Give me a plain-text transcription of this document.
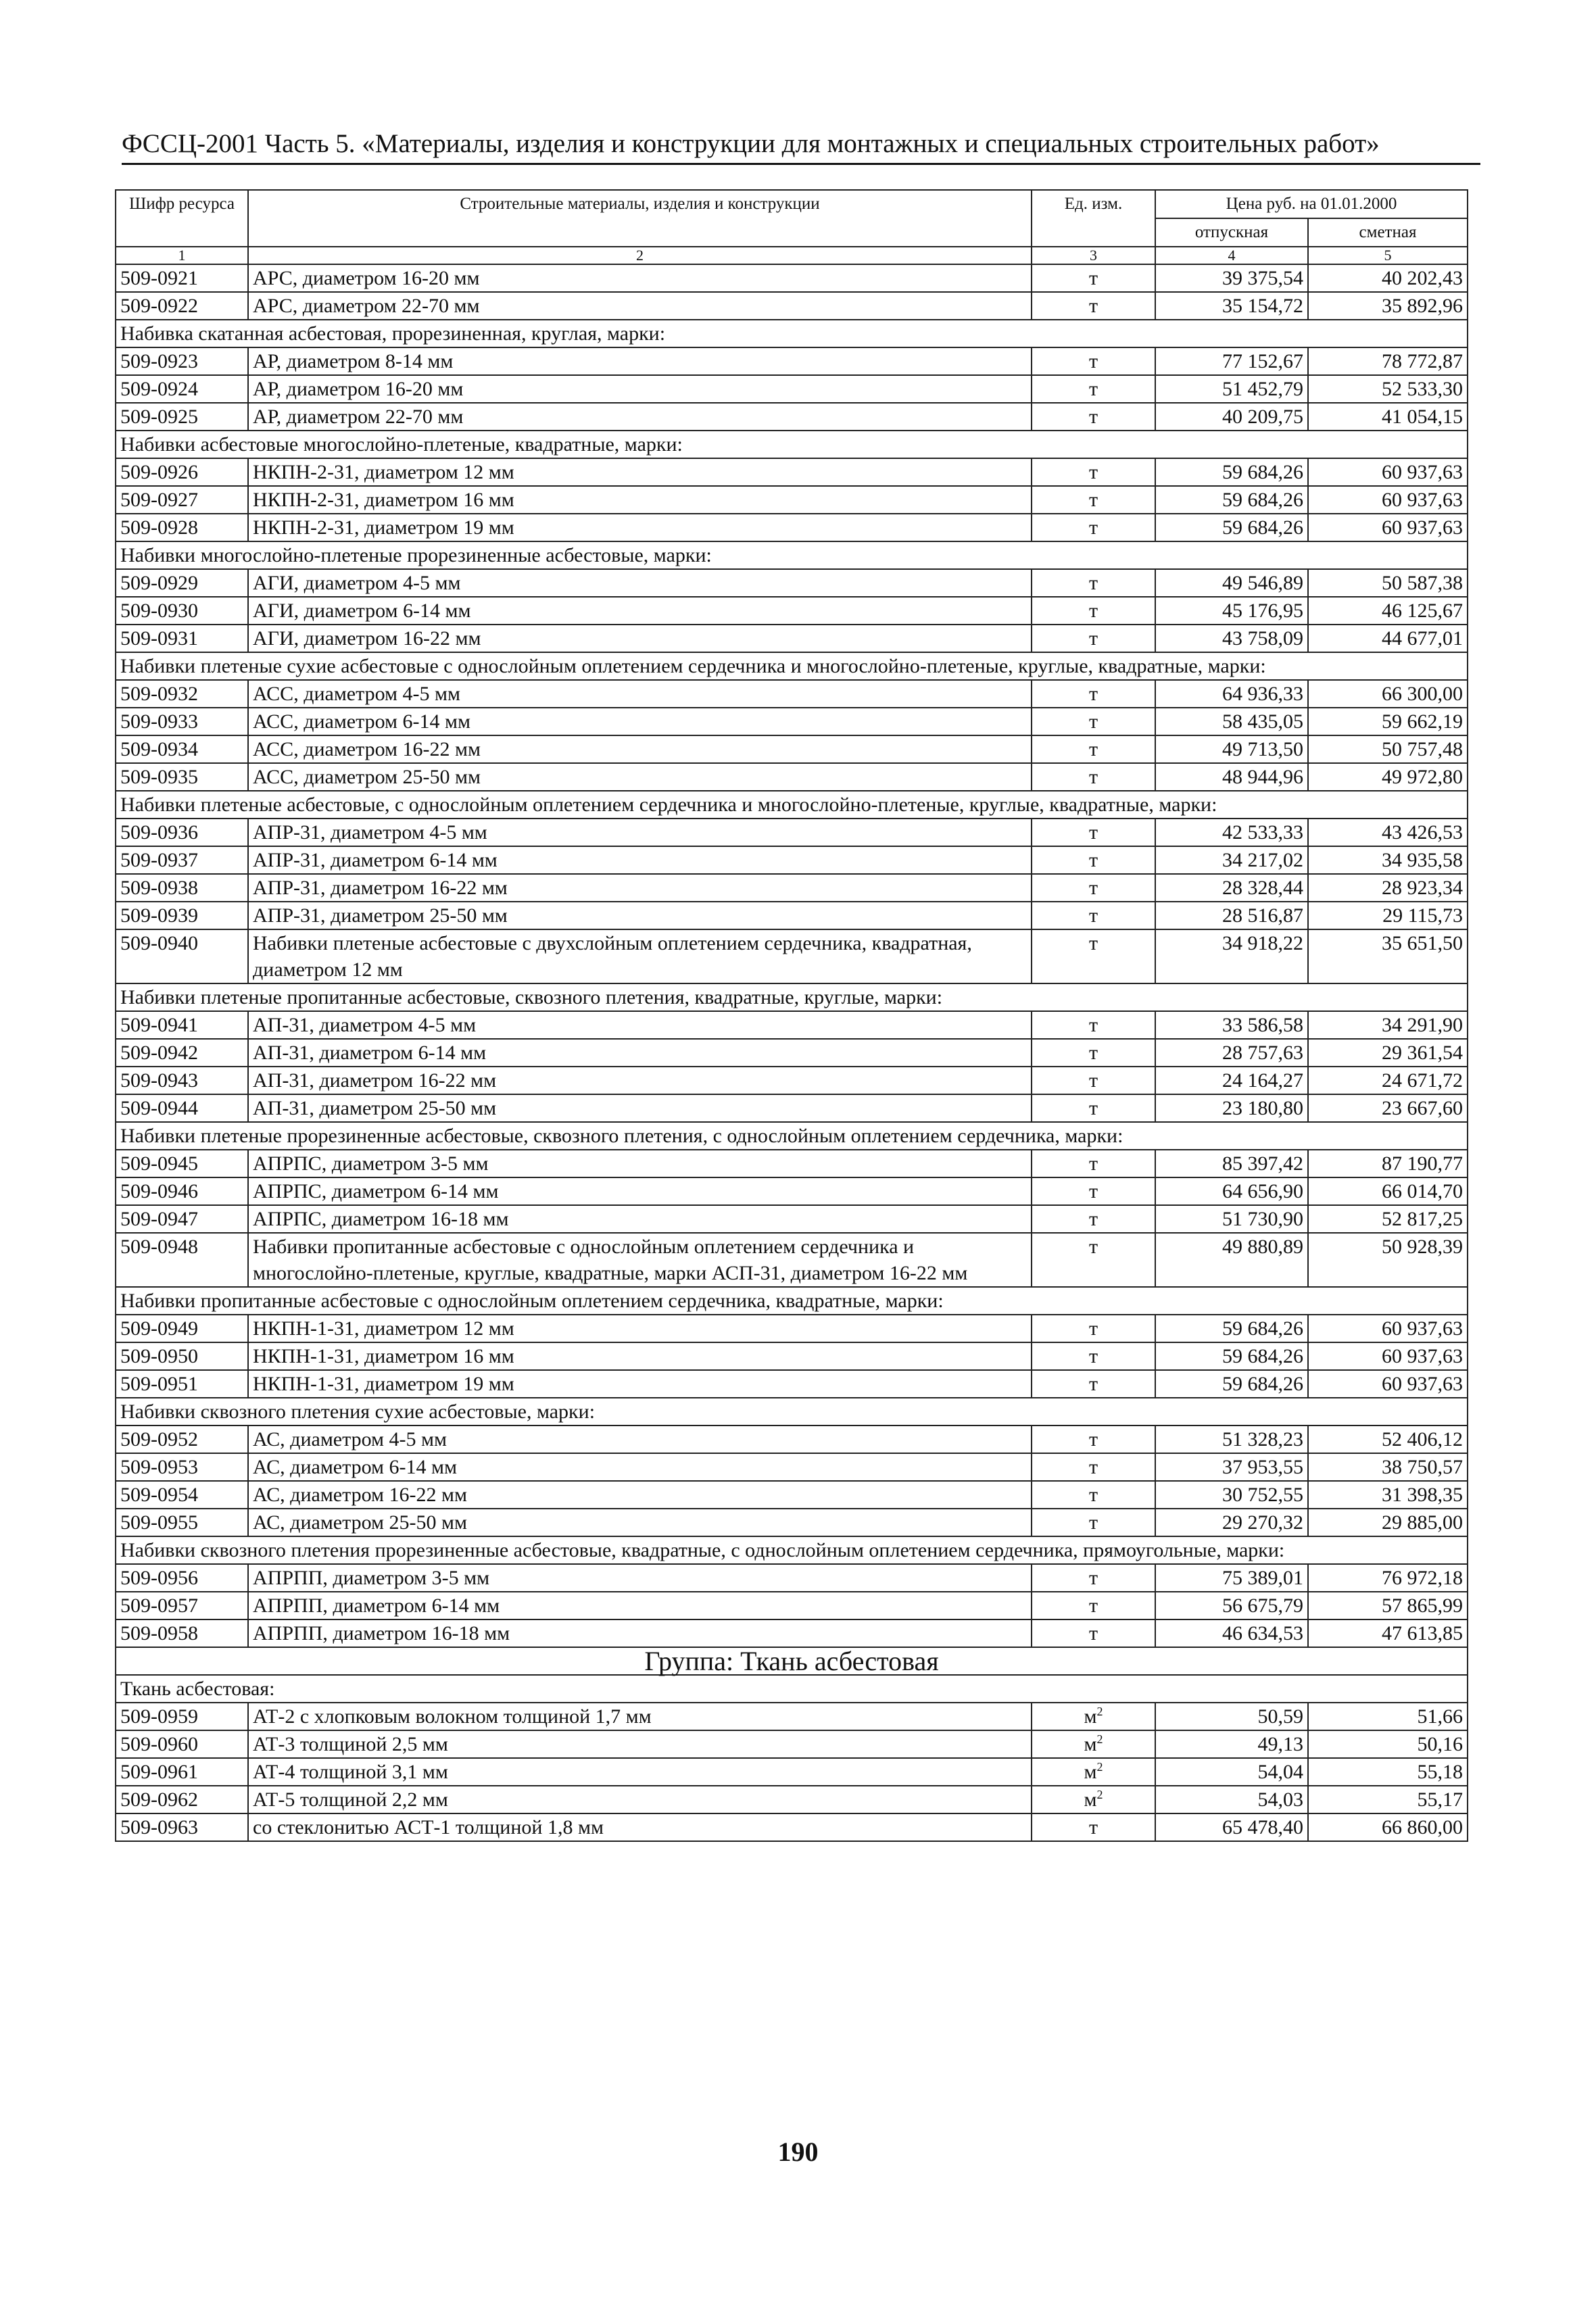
ФССЦ-2001 Часть 5. «Материалы, изделия и конструкции для монтажных и специальных строительных работ»
Шифр ресурса	Строительные материалы, изделия и конструкции	Ед. изм.	Цена руб. на 01.01.2000	
			отпускная	сметная
1	2	3	4	5
509-0921	АРС, диаметром 16-20 мм	т	39 375,54	40 202,43
509-0922	АРС, диаметром 22-70 мм	т	35 154,72	35 892,96
Набивка скатанная асбестовая, прорезиненная, круглая, марки:				
509-0923	АР, диаметром 8-14 мм	т	77 152,67	78 772,87
509-0924	АР, диаметром 16-20 мм	т	51 452,79	52 533,30
509-0925	АР, диаметром 22-70 мм	т	40 209,75	41 054,15
Набивки асбестовые многослойно-плетеные, квадратные, марки:				
509-0926	НКПН-2-31, диаметром 12 мм	т	59 684,26	60 937,63
509-0927	НКПН-2-31, диаметром 16 мм	т	59 684,26	60 937,63
509-0928	НКПН-2-31, диаметром 19 мм	т	59 684,26	60 937,63
Набивки многослойно-плетеные прорезиненные асбестовые, марки:				
509-0929	АГИ, диаметром 4-5 мм	т	49 546,89	50 587,38
509-0930	АГИ, диаметром 6-14 мм	т	45 176,95	46 125,67
509-0931	АГИ, диаметром 16-22 мм	т	43 758,09	44 677,01
Набивки плетеные сухие асбестовые с однослойным оплетением сердечника и многослойно-плетеные, круглые, квадратные, марки:				
509-0932	АСС, диаметром 4-5 мм	т	64 936,33	66 300,00
509-0933	АСС, диаметром 6-14 мм	т	58 435,05	59 662,19
509-0934	АСС, диаметром 16-22 мм	т	49 713,50	50 757,48
509-0935	АСС, диаметром 25-50 мм	т	48 944,96	49 972,80
Набивки плетеные асбестовые, с однослойным оплетением сердечника и многослойно-плетеные, круглые, квадратные, марки:				
509-0936	АПР-31, диаметром 4-5 мм	т	42 533,33	43 426,53
509-0937	АПР-31, диаметром 6-14 мм	т	34 217,02	34 935,58
509-0938	АПР-31, диаметром 16-22 мм	т	28 328,44	28 923,34
509-0939	АПР-31, диаметром 25-50 мм	т	28 516,87	29 115,73
509-0940	Набивки плетеные асбестовые с двухслойным оплетением сердечника, квадратная, диаметром 12 мм	т	34 918,22	35 651,50
Набивки плетеные пропитанные асбестовые, сквозного плетения, квадратные, круглые, марки:				
509-0941	АП-31, диаметром 4-5 мм	т	33 586,58	34 291,90
509-0942	АП-31, диаметром 6-14 мм	т	28 757,63	29 361,54
509-0943	АП-31, диаметром 16-22 мм	т	24 164,27	24 671,72
509-0944	АП-31, диаметром 25-50 мм	т	23 180,80	23 667,60
Набивки плетеные прорезиненные асбестовые, сквозного плетения, с однослойным оплетением сердечника, марки:				
509-0945	АПРПС, диаметром 3-5 мм	т	85 397,42	87 190,77
509-0946	АПРПС, диаметром 6-14 мм	т	64 656,90	66 014,70
509-0947	АПРПС, диаметром 16-18 мм	т	51 730,90	52 817,25
509-0948	Набивки пропитанные асбестовые с однослойным оплетением сердечника и многослойно-плетеные, круглые, квадратные, марки АСП-31, диаметром 16-22 мм	т	49 880,89	50 928,39
Набивки пропитанные асбестовые с однослойным оплетением сердечника, квадратные, марки:				
509-0949	НКПН-1-31, диаметром 12 мм	т	59 684,26	60 937,63
509-0950	НКПН-1-31, диаметром 16 мм	т	59 684,26	60 937,63
509-0951	НКПН-1-31, диаметром 19 мм	т	59 684,26	60 937,63
Набивки сквозного плетения сухие асбестовые, марки:				
509-0952	АС, диаметром 4-5 мм	т	51 328,23	52 406,12
509-0953	АС, диаметром 6-14 мм	т	37 953,55	38 750,57
509-0954	АС, диаметром 16-22 мм	т	30 752,55	31 398,35
509-0955	АС, диаметром 25-50 мм	т	29 270,32	29 885,00
Набивки сквозного плетения прорезиненные асбестовые, квадратные, с однослойным оплетением сердечника, прямоугольные, марки:				
509-0956	АПРПП, диаметром 3-5 мм	т	75 389,01	76 972,18
509-0957	АПРПП, диаметром 6-14 мм	т	56 675,79	57 865,99
509-0958	АПРПП, диаметром 16-18 мм	т	46 634,53	47 613,85
Группа: Ткань асбестовая				
Ткань асбестовая:				
509-0959	АТ-2 с хлопковым волокном толщиной 1,7 мм	$м^2$	50,59	51,66
509-0960	АТ-3 толщиной 2,5 мм	$м^2$	49,13	50,16
509-0961	АТ-4 толщиной 3,1 мм	$м^2$	54,04	55,18
509-0962	АТ-5 толщиной 2,2 мм	$м^2$	54,03	55,17
509-0963	со стеклонитью АСТ-1 толщиной 1,8 мм	т	65 478,40	66 860,00
190
